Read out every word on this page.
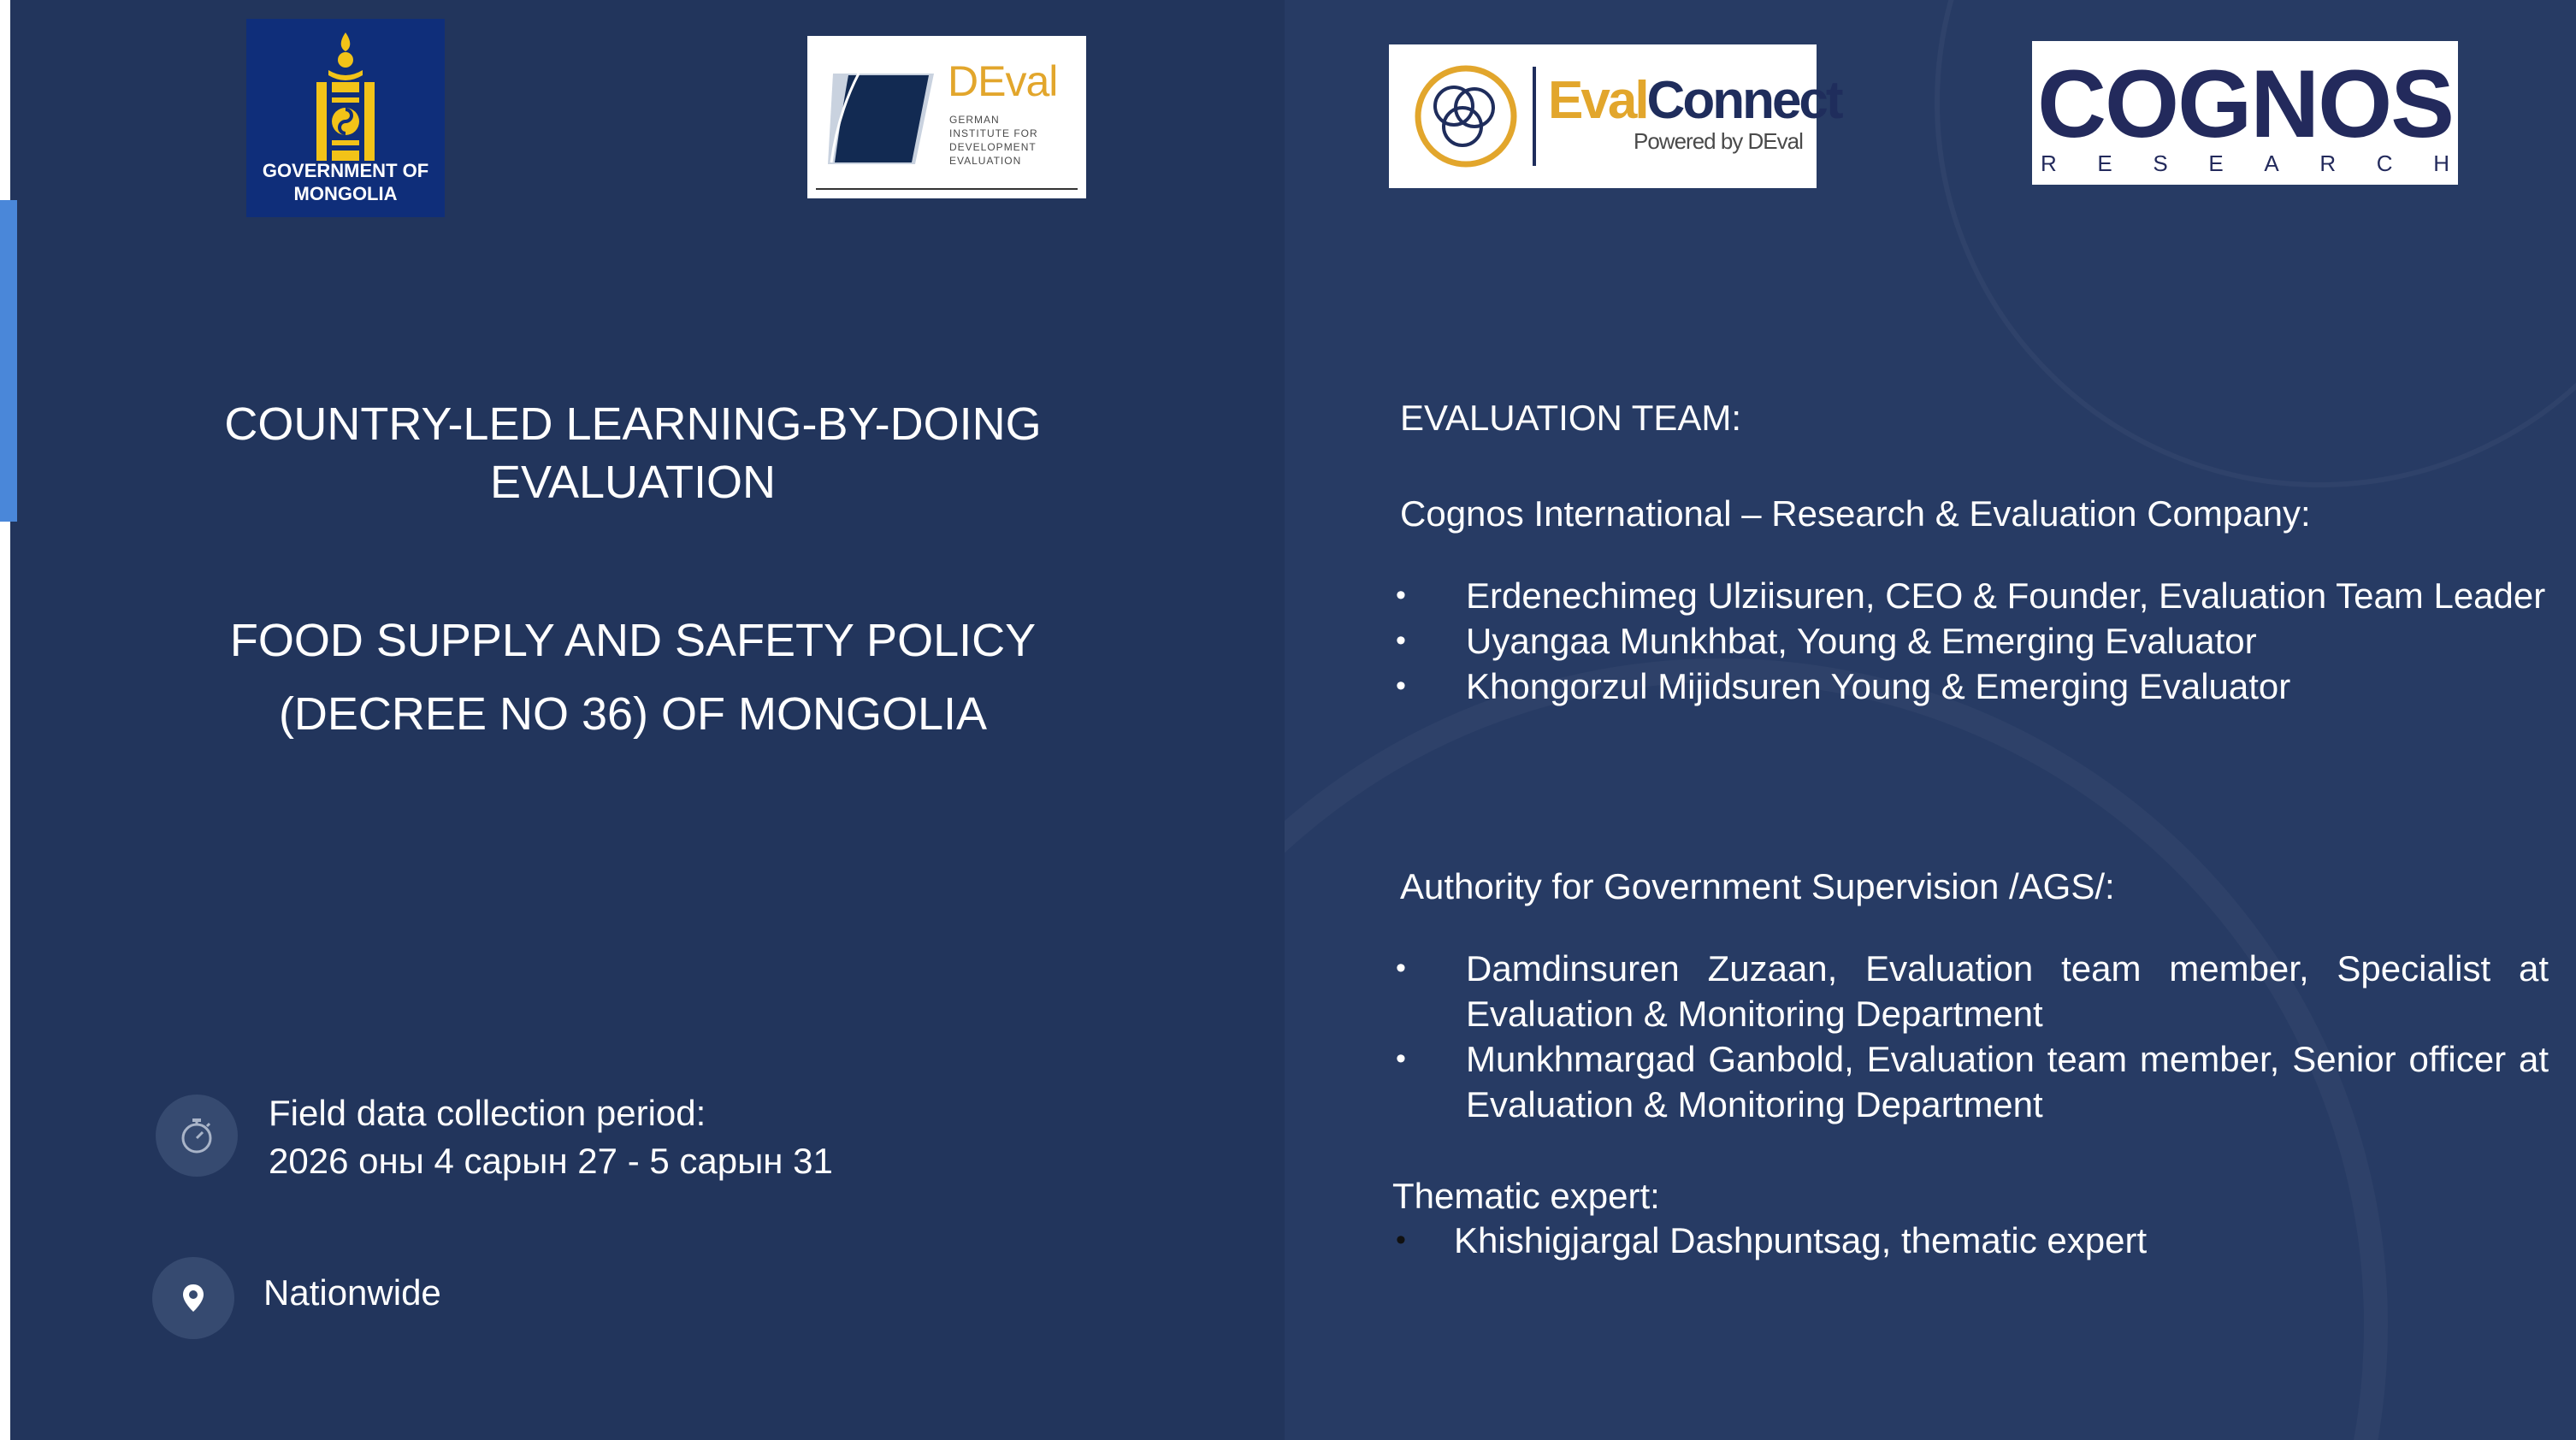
GOVERNMENT OF
MONGOLIA
DEval
GERMAN
INSTITUTE FOR
DEVELOPMENT
EVALUATION
EvalConnect
Powered by DEval COGNOS
R E S E A R C H
COUNTRY-LED LEARNING-BY-DOING
EVALUATION
FOOD SUPPLY AND SAFETY POLICY
(DECREE NO 36) OF MONGOLIA
Field data collection period:
2026 оны 4 сарын 27 - 5 сарын 31
Nationwide
EVALUATION TEAM:
Cognos International – Research & Evaluation Company:
• Erdenechimeg Ulziisuren, CEO & Founder, Evaluation Team Leader
• Uyangaa Munkhbat, Young & Emerging Evaluator
• Khongorzul Mijidsuren Young & Emerging Evaluator
Authority for Government Supervision /AGS/:
• Damdinsuren Zuzaan, Evaluation team member, Specialist at Evaluation & Monitoring Department
• Munkhmargad Ganbold, Evaluation team member, Senior officer at Evaluation & Monitoring Department
Thematic expert:
• Khishigjargal Dashpuntsag, thematic expert
